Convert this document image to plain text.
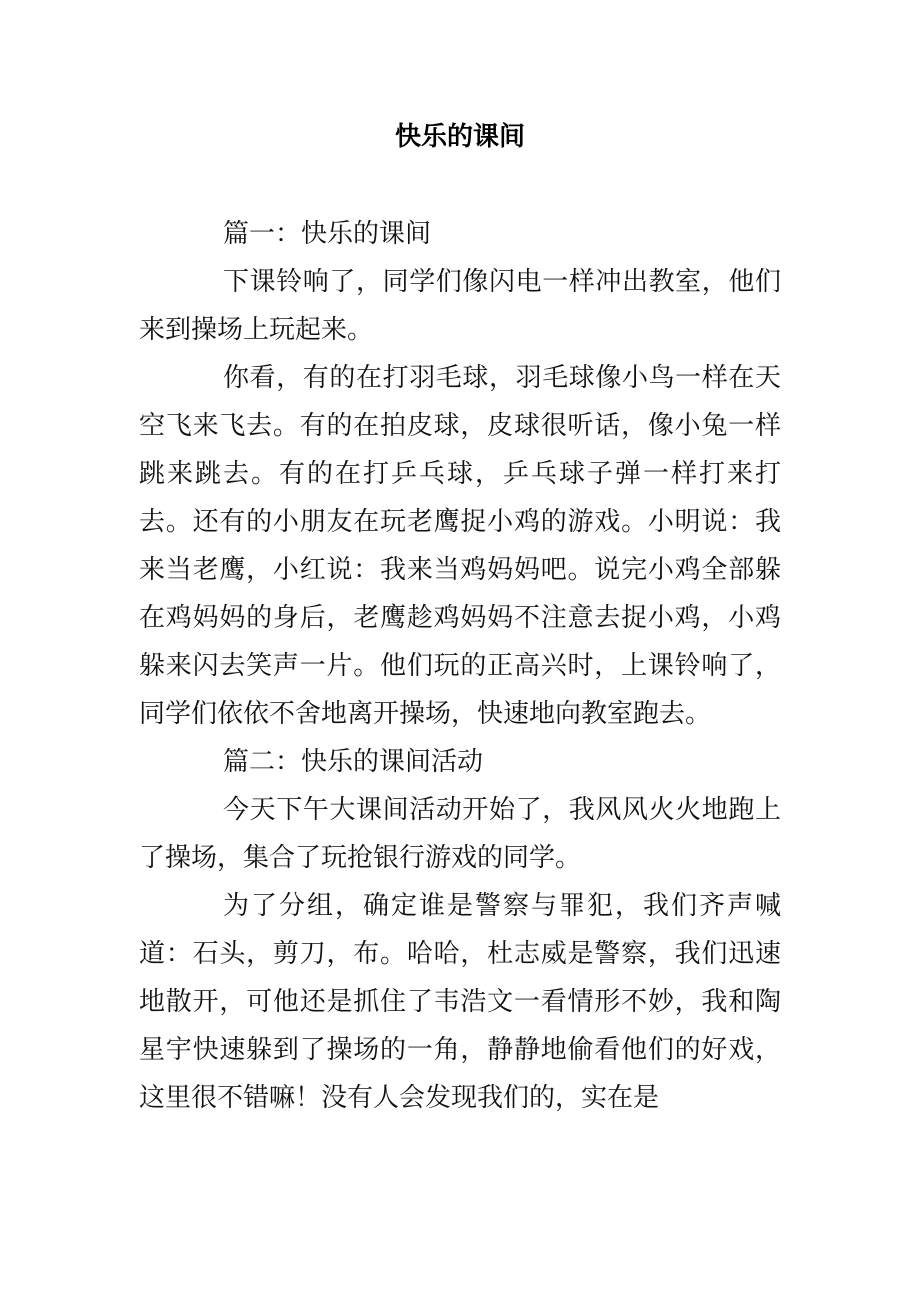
快乐的课间

篇一：快乐的课间

下课铃响了，同学们像闪电一样冲出教室，他们来到操场上玩起来。

你看，有的在打羽毛球，羽毛球像小鸟一样在天空飞来飞去。有的在拍皮球，皮球很听话，像小兔一样跳来跳去。有的在打乒乓球，乒乓球子弹一样打来打去。还有的小朋友在玩老鹰捉小鸡的游戏。小明说：我来当老鹰，小红说：我来当鸡妈妈吧。说完小鸡全部躲在鸡妈妈的身后，老鹰趁鸡妈妈不注意去捉小鸡，小鸡躲来闪去笑声一片。他们玩的正高兴时，上课铃响了，同学们依依不舍地离开操场，快速地向教室跑去。

篇二：快乐的课间活动

今天下午大课间活动开始了，我风风火火地跑上了操场，集合了玩抢银行游戏的同学。

为了分组，确定谁是警察与罪犯，我们齐声喊道：石头，剪刀，布。哈哈，杜志威是警察，我们迅速地散开，可他还是抓住了韦浩文一看情形不妙，我和陶星宇快速躲到了操场的一角，静静地偷看他们的好戏，这里很不错嘛！没有人会发现我们的，实在是
